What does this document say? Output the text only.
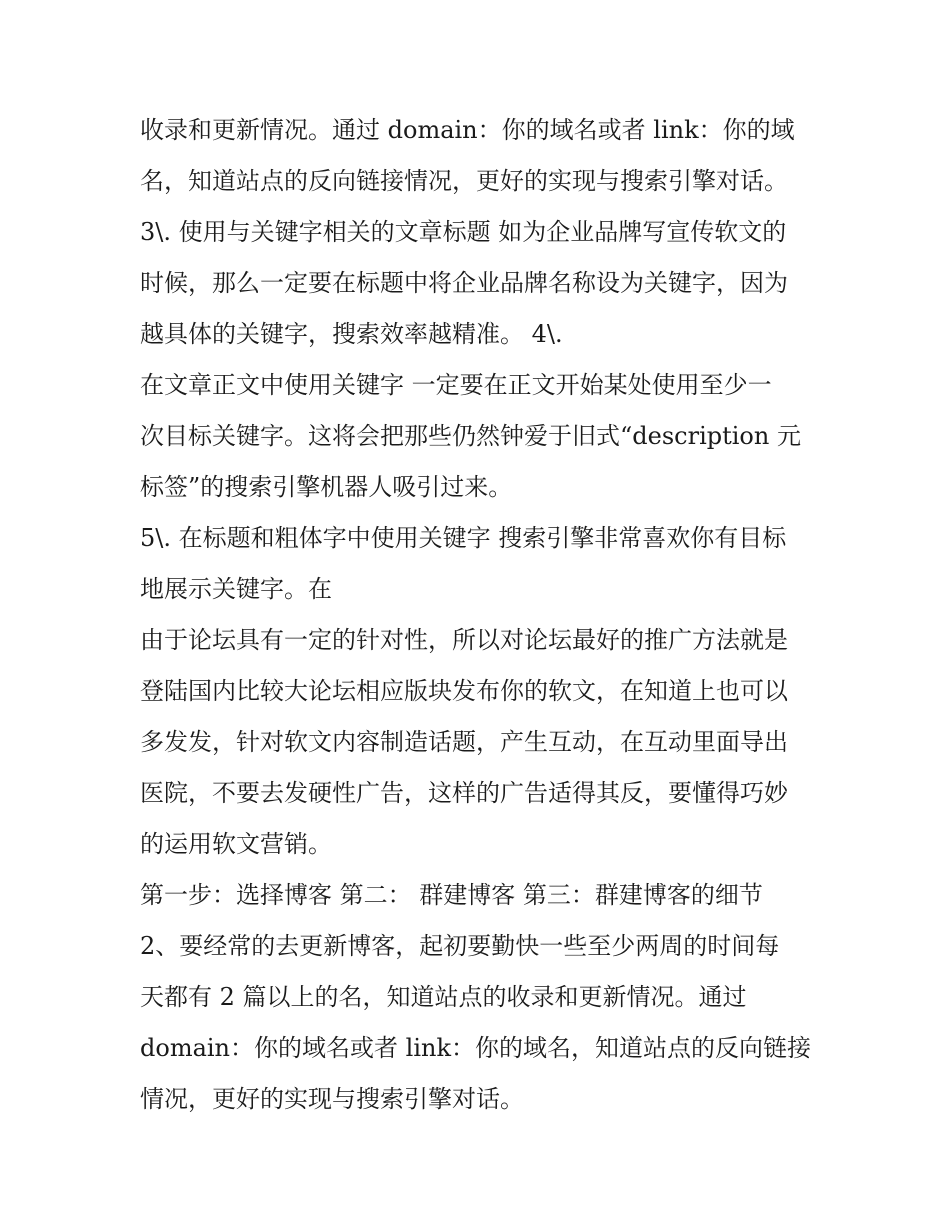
收录和更新情况。通过 domain：你的域名或者 link：你的域
名，知道站点的反向链接情况，更好的实现与搜索引擎对话。
3\. 使用与关键字相关的文章标题 如为企业品牌写宣传软文的
时候，那么一定要在标题中将企业品牌名称设为关键字，因为
越具体的关键字，搜索效率越精准。 4\.
在文章正文中使用关键字 一定要在正文开始某处使用至少一
次目标关键字。这将会把那些仍然钟爱于旧式“description 元
标签”的搜索引擎机器人吸引过来。
5\. 在标题和粗体字中使用关键字 搜索引擎非常喜欢你有目标
地展示关键字。在
由于论坛具有一定的针对性，所以对论坛最好的推广方法就是
登陆国内比较大论坛相应版块发布你的软文，在知道上也可以
多发发，针对软文内容制造话题，产生互动，在互动里面导出
医院，不要去发硬性广告，这样的广告适得其反，要懂得巧妙
的运用软文营销。
第一步：选择博客 第二： 群建博客 第三：群建博客的细节
2、要经常的去更新博客，起初要勤快一些至少两周的时间每
天都有 2 篇以上的名，知道站点的收录和更新情况。通过
domain：你的域名或者 link：你的域名，知道站点的反向链接
情况，更好的实现与搜索引擎对话。
